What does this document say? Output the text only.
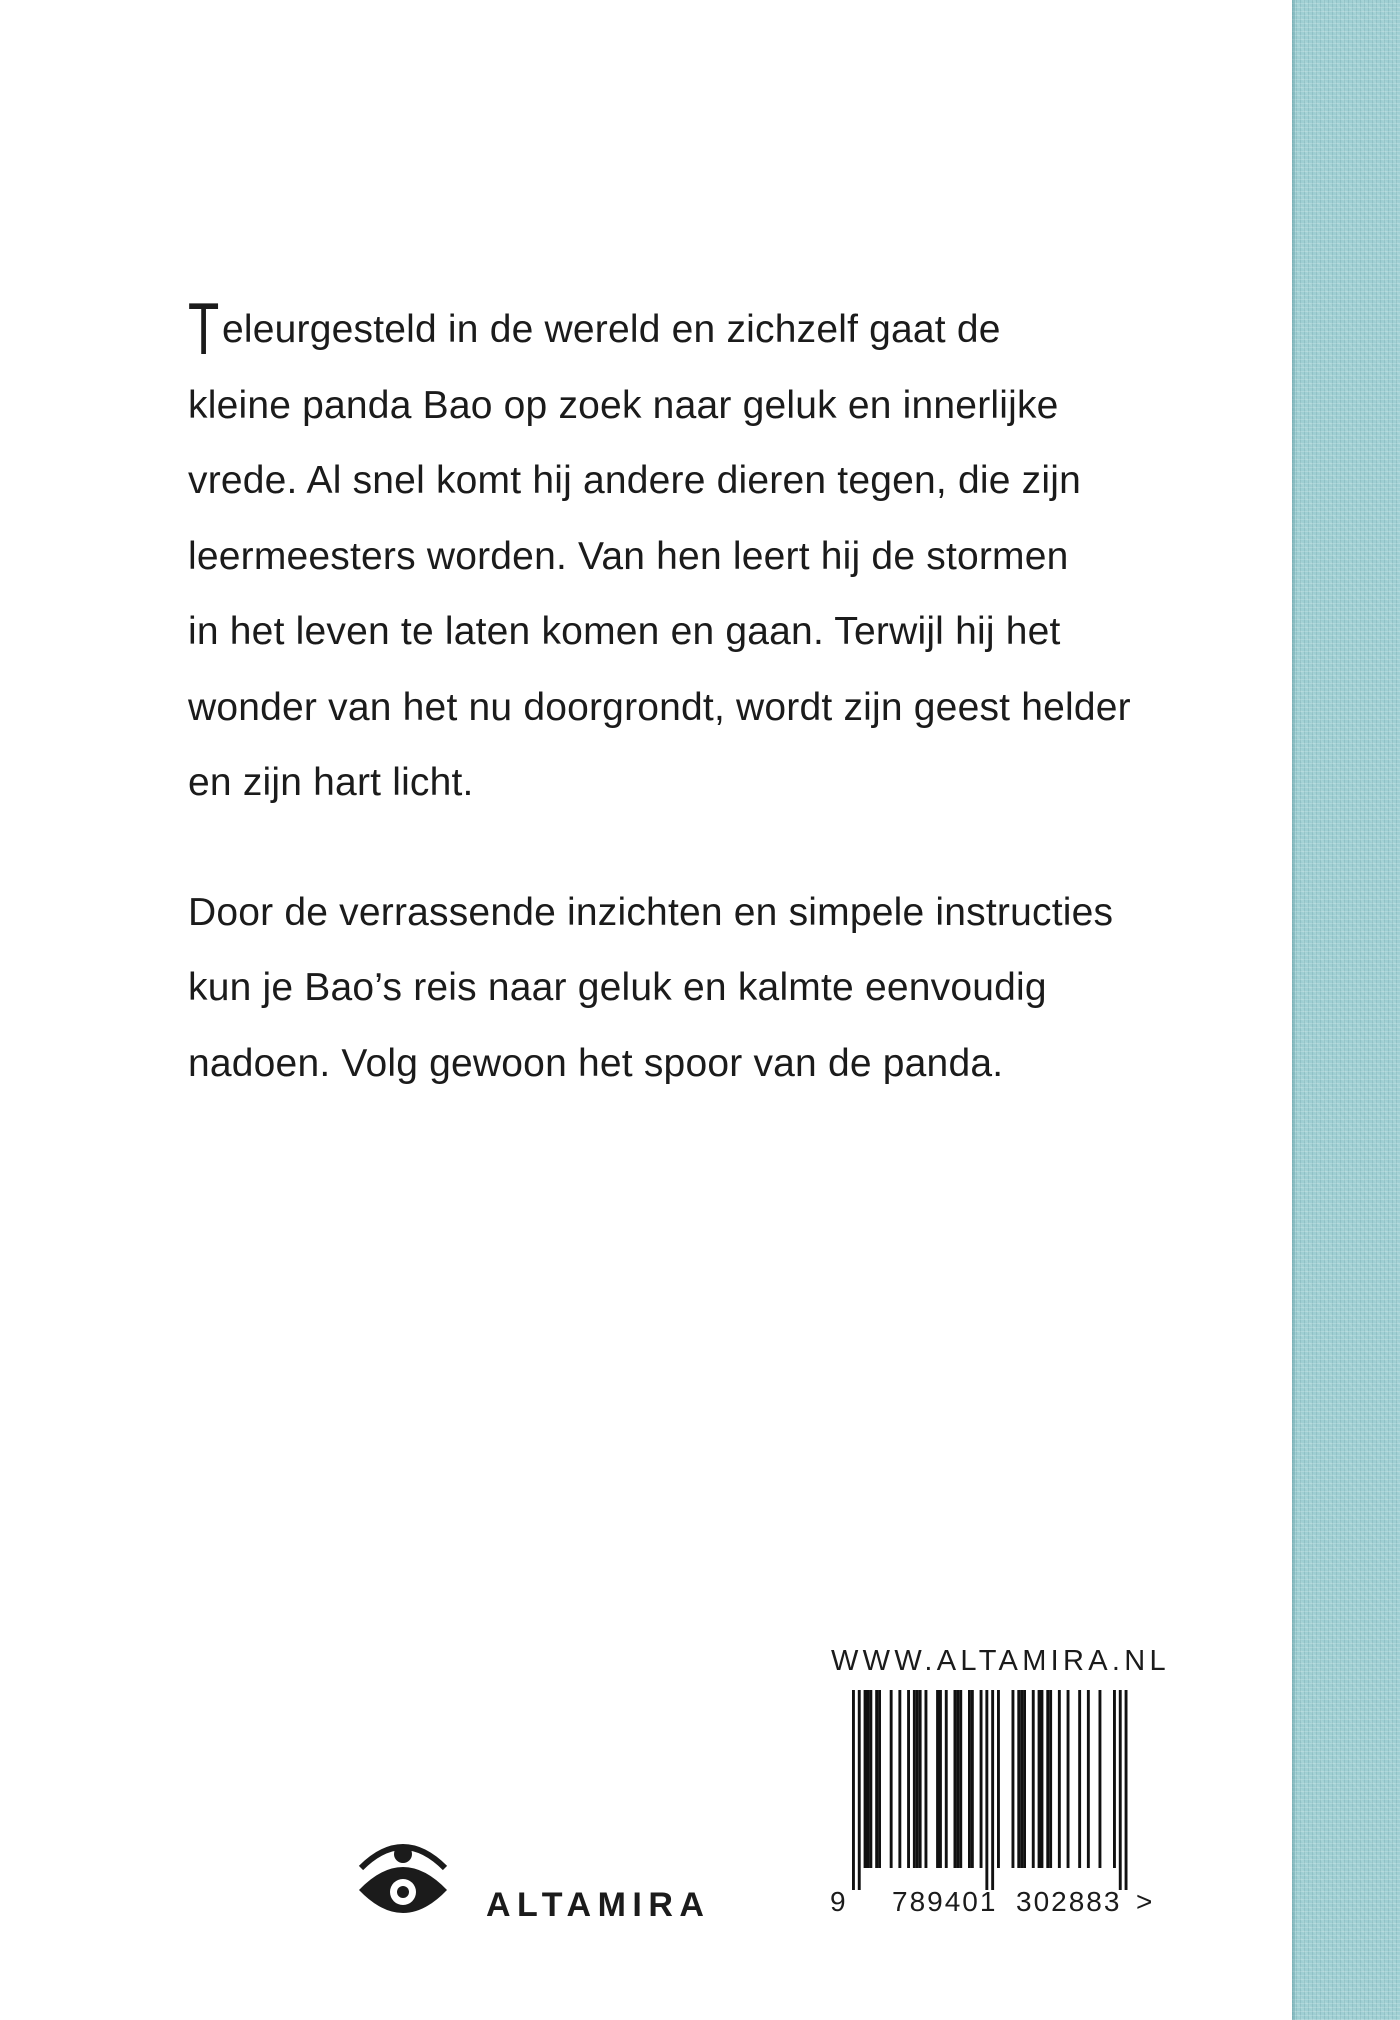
Teleurgesteld in de wereld en zichzelf gaat de
kleine panda Bao op zoek naar geluk en innerlijke
vrede. Al snel komt hij andere dieren tegen, die zijn
leermeesters worden. Van hen leert hij de stormen
in het leven te laten komen en gaan. Terwijl hij het
wonder van het nu doorgrondt, wordt zijn geest helder
en zijn hart licht.

Door de verrassende inzichten en simpele instructies
kun je Bao’s reis naar geluk en kalmte eenvoudig
nadoen. Volg gewoon het spoor van de panda.

WWW.ALTAMIRA.NL
9 789401 302883 >
ALTAMIRA
